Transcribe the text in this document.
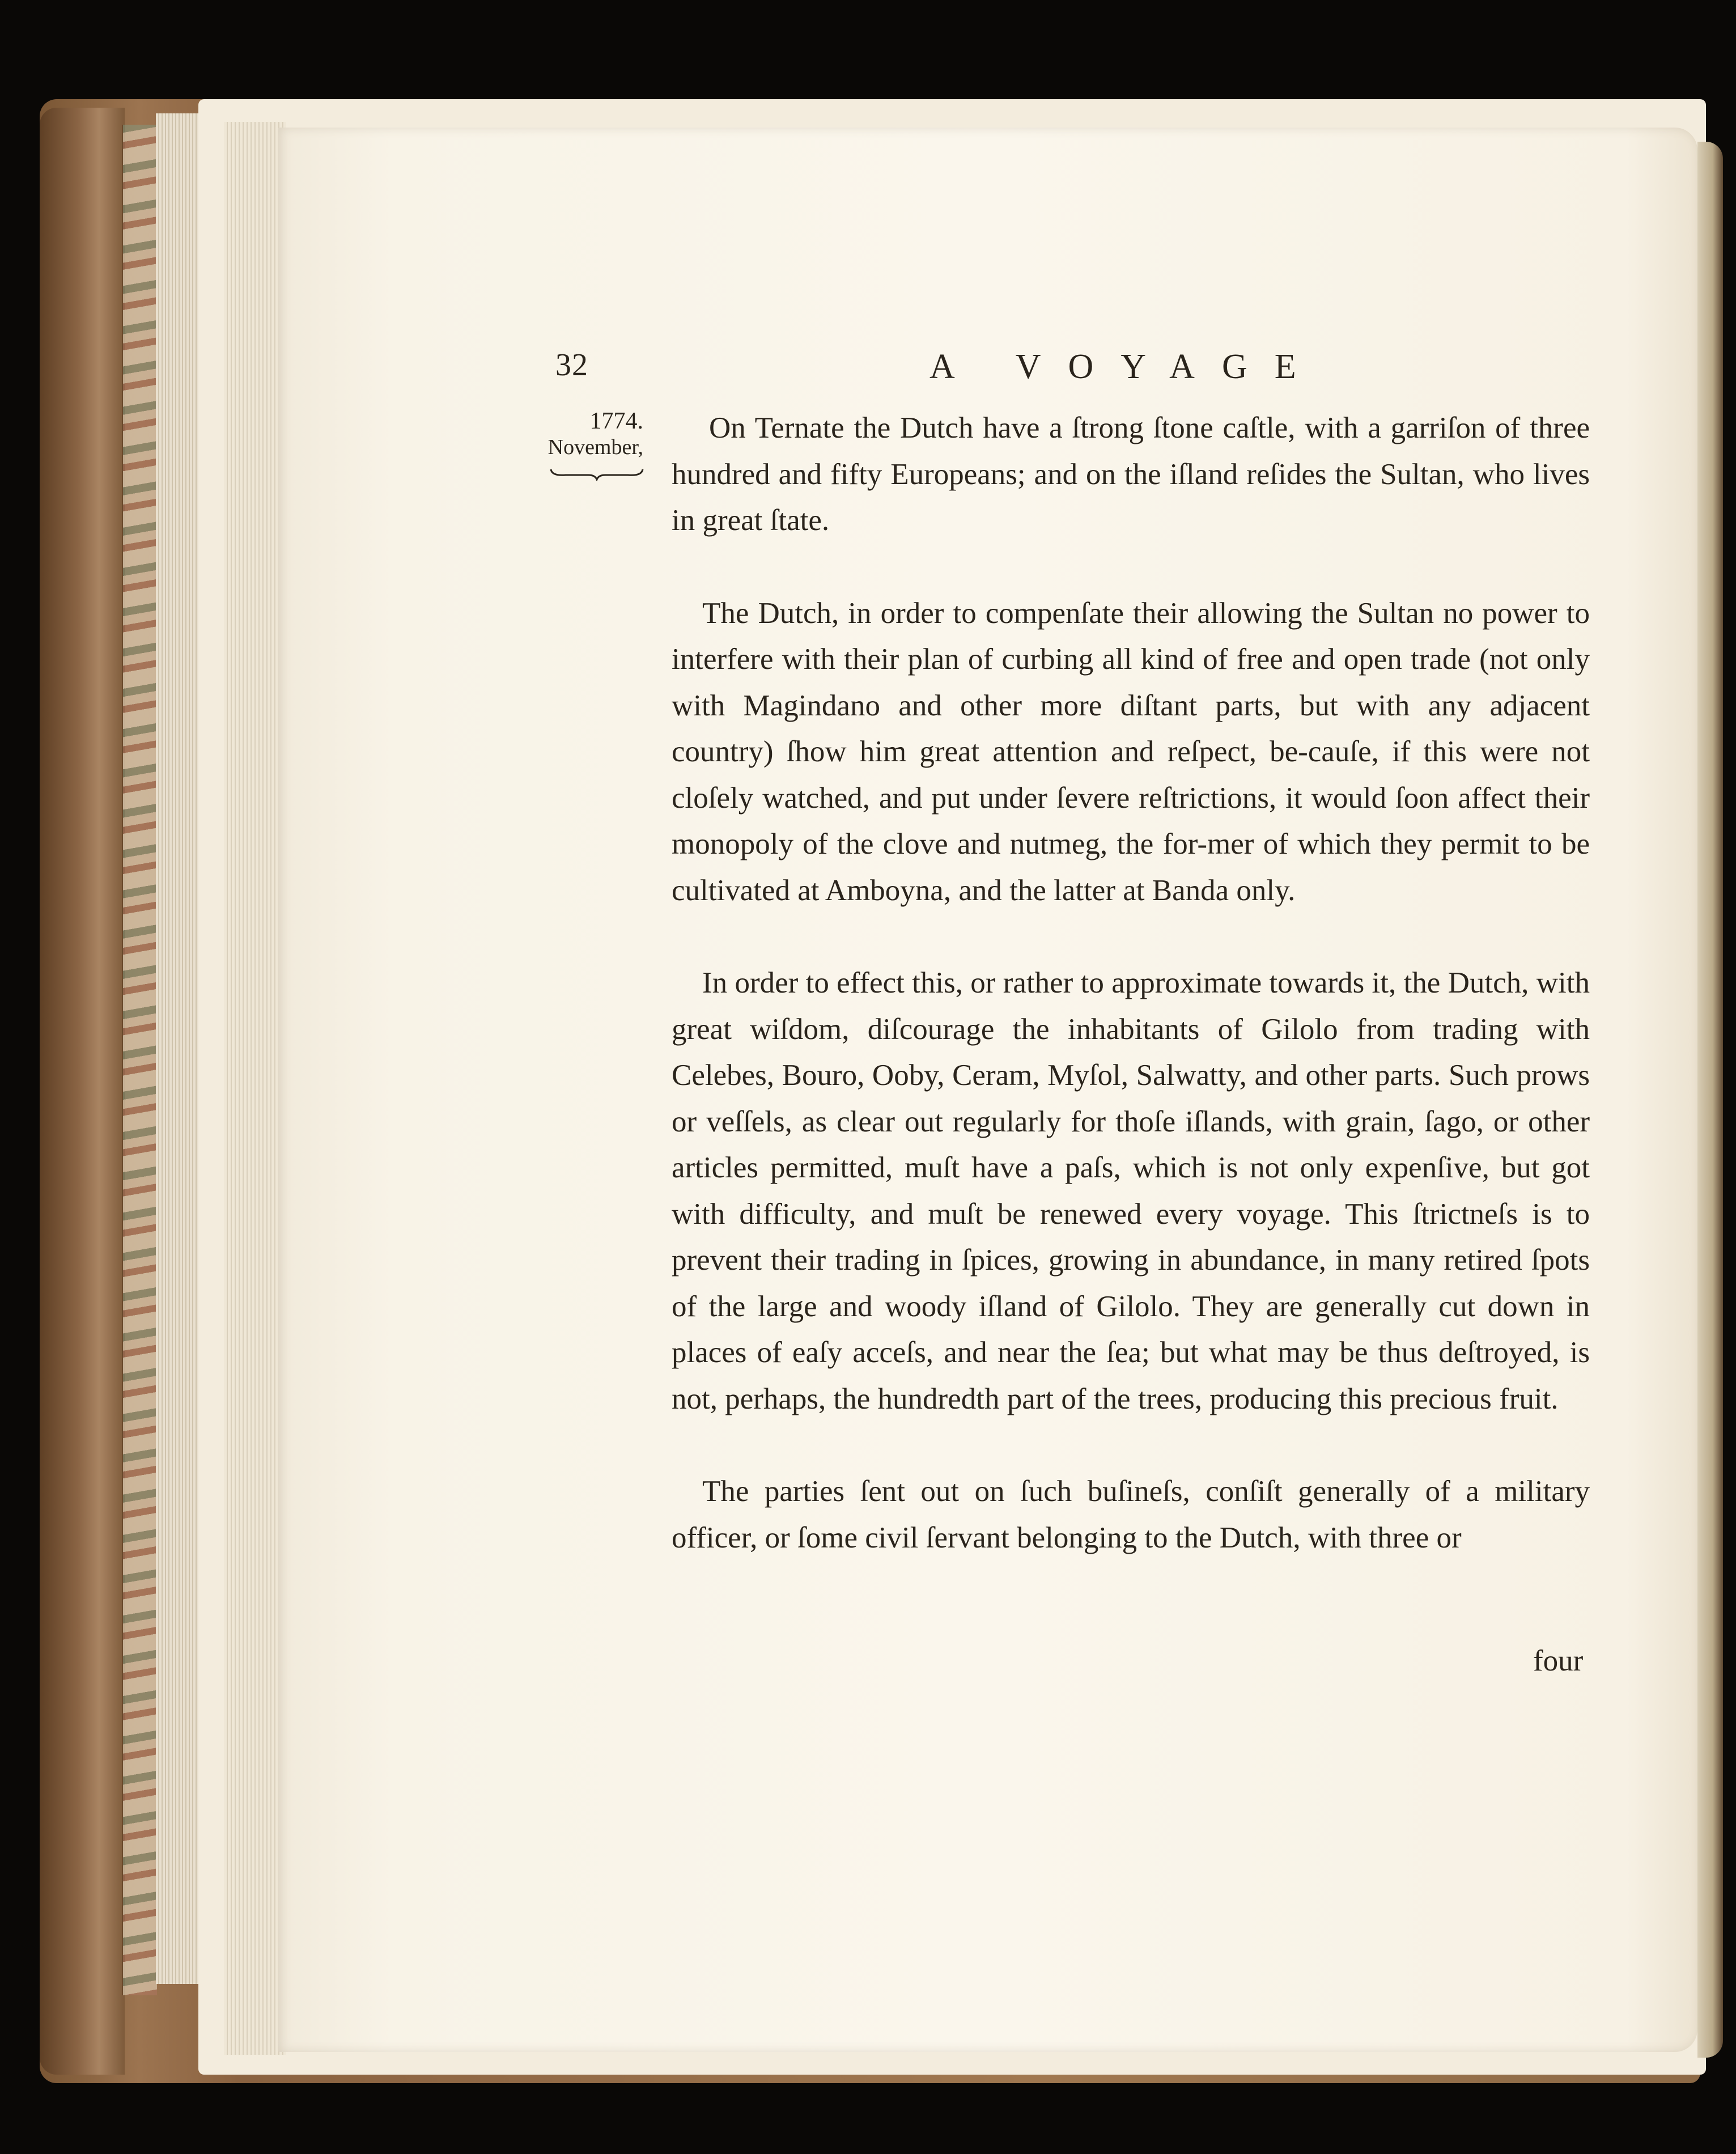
32	A VOYAGE
1774.
November,

On Ternate the Dutch have a ſtrong ſtone caſtle, with a garriſon of three hundred and fifty Europeans; and on the iſland reſides the Sultan, who lives in great ſtate.

The Dutch, in order to compenſate their allowing the Sultan no power to interfere with their plan of curbing all kind of free and open trade (not only with Magindano and other more diſtant parts, but with any adjacent country) ſhow him great attention and reſpect, be-cauſe, if this were not cloſely watched, and put under ſevere reſtrictions, it would ſoon affect their monopoly of the clove and nutmeg, the for-mer of which they permit to be cultivated at Amboyna, and the latter at Banda only.

In order to effect this, or rather to approximate towards it, the Dutch, with great wiſdom, diſcourage the inhabitants of Gilolo from trading with Celebes, Bouro, Ooby, Ceram, Myſol, Salwatty, and other parts. Such prows or veſſels, as clear out regularly for thoſe iſlands, with grain, ſago, or other articles permitted, muſt have a paſs, which is not only expenſive, but got with difficulty, and muſt be renewed every voyage. This ſtrictneſs is to prevent their trading in ſpices, growing in abundance, in many retired ſpots of the large and woody iſland of Gilolo. They are generally cut down in places of eaſy acceſs, and near the ſea; but what may be thus deſtroyed, is not, perhaps, the hundredth part of the trees, producing this precious fruit.

The parties ſent out on ſuch buſineſs, conſiſt generally of a military officer, or ſome civil ſervant belonging to the Dutch, with three or

four
